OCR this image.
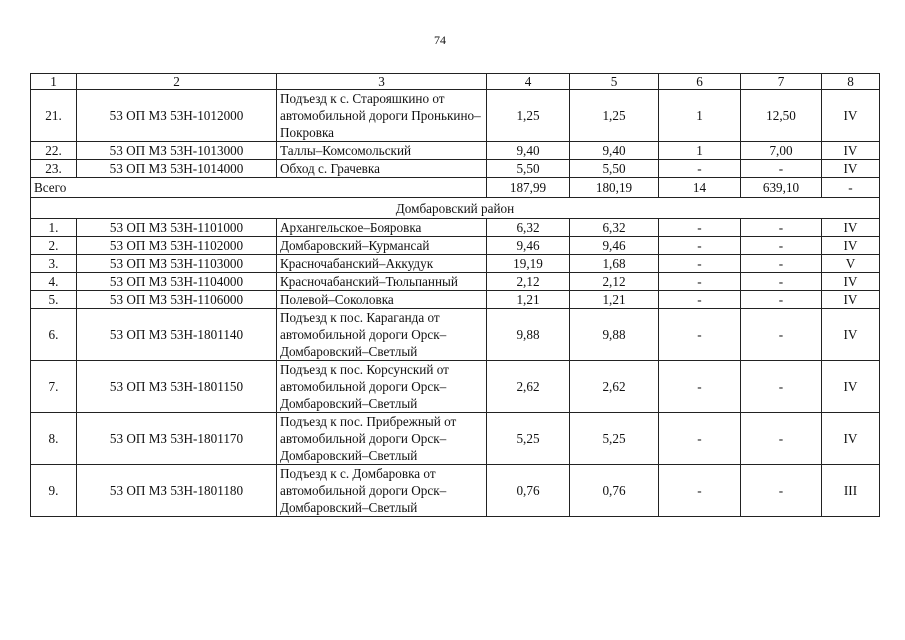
74
1	2	3	4	5	6	7	8
21.	53 ОП МЗ 53Н-1012000	Подъезд к с. Старояшкино от автомобильной дороги Пронькино–Покровка	1,25	1,25	1	12,50	IV
22.	53 ОП МЗ 53Н-1013000	Таллы–Комсомольский	9,40	9,40	1	7,00	IV
23.	53 ОП МЗ 53Н-1014000	Обход с. Грачевка	5,50	5,50	-	-	IV
Всего			187,99	180,19	14	639,10	-
Домбаровский район							
1.	53 ОП МЗ 53Н-1101000	Архангельское–Бояровка	6,32	6,32	-	-	IV
2.	53 ОП МЗ 53Н-1102000	Домбаровский–Курмансай	9,46	9,46	-	-	IV
3.	53 ОП МЗ 53Н-1103000	Красночабанский–Аккудук	19,19	1,68	-	-	V
4.	53 ОП МЗ 53Н-1104000	Красночабанский–Тюльпанный	2,12	2,12	-	-	IV
5.	53 ОП МЗ 53Н-1106000	Полевой–Соколовка	1,21	1,21	-	-	IV
6.	53 ОП МЗ 53Н-1801140	Подъезд к пос. Караганда от автомобильной дороги Орск–Домбаровский–Светлый	9,88	9,88	-	-	IV
7.	53 ОП МЗ 53Н-1801150	Подъезд к пос. Корсунский от автомобильной дороги Орск–Домбаровский–Светлый	2,62	2,62	-	-	IV
8.	53 ОП МЗ 53Н-1801170	Подъезд к пос. Прибрежный от автомобильной дороги Орск–Домбаровский–Светлый	5,25	5,25	-	-	IV
9.	53 ОП МЗ 53Н-1801180	Подъезд к с. Домбаровка от автомобильной дороги Орск–Домбаровский–Светлый	0,76	0,76	-	-	III
